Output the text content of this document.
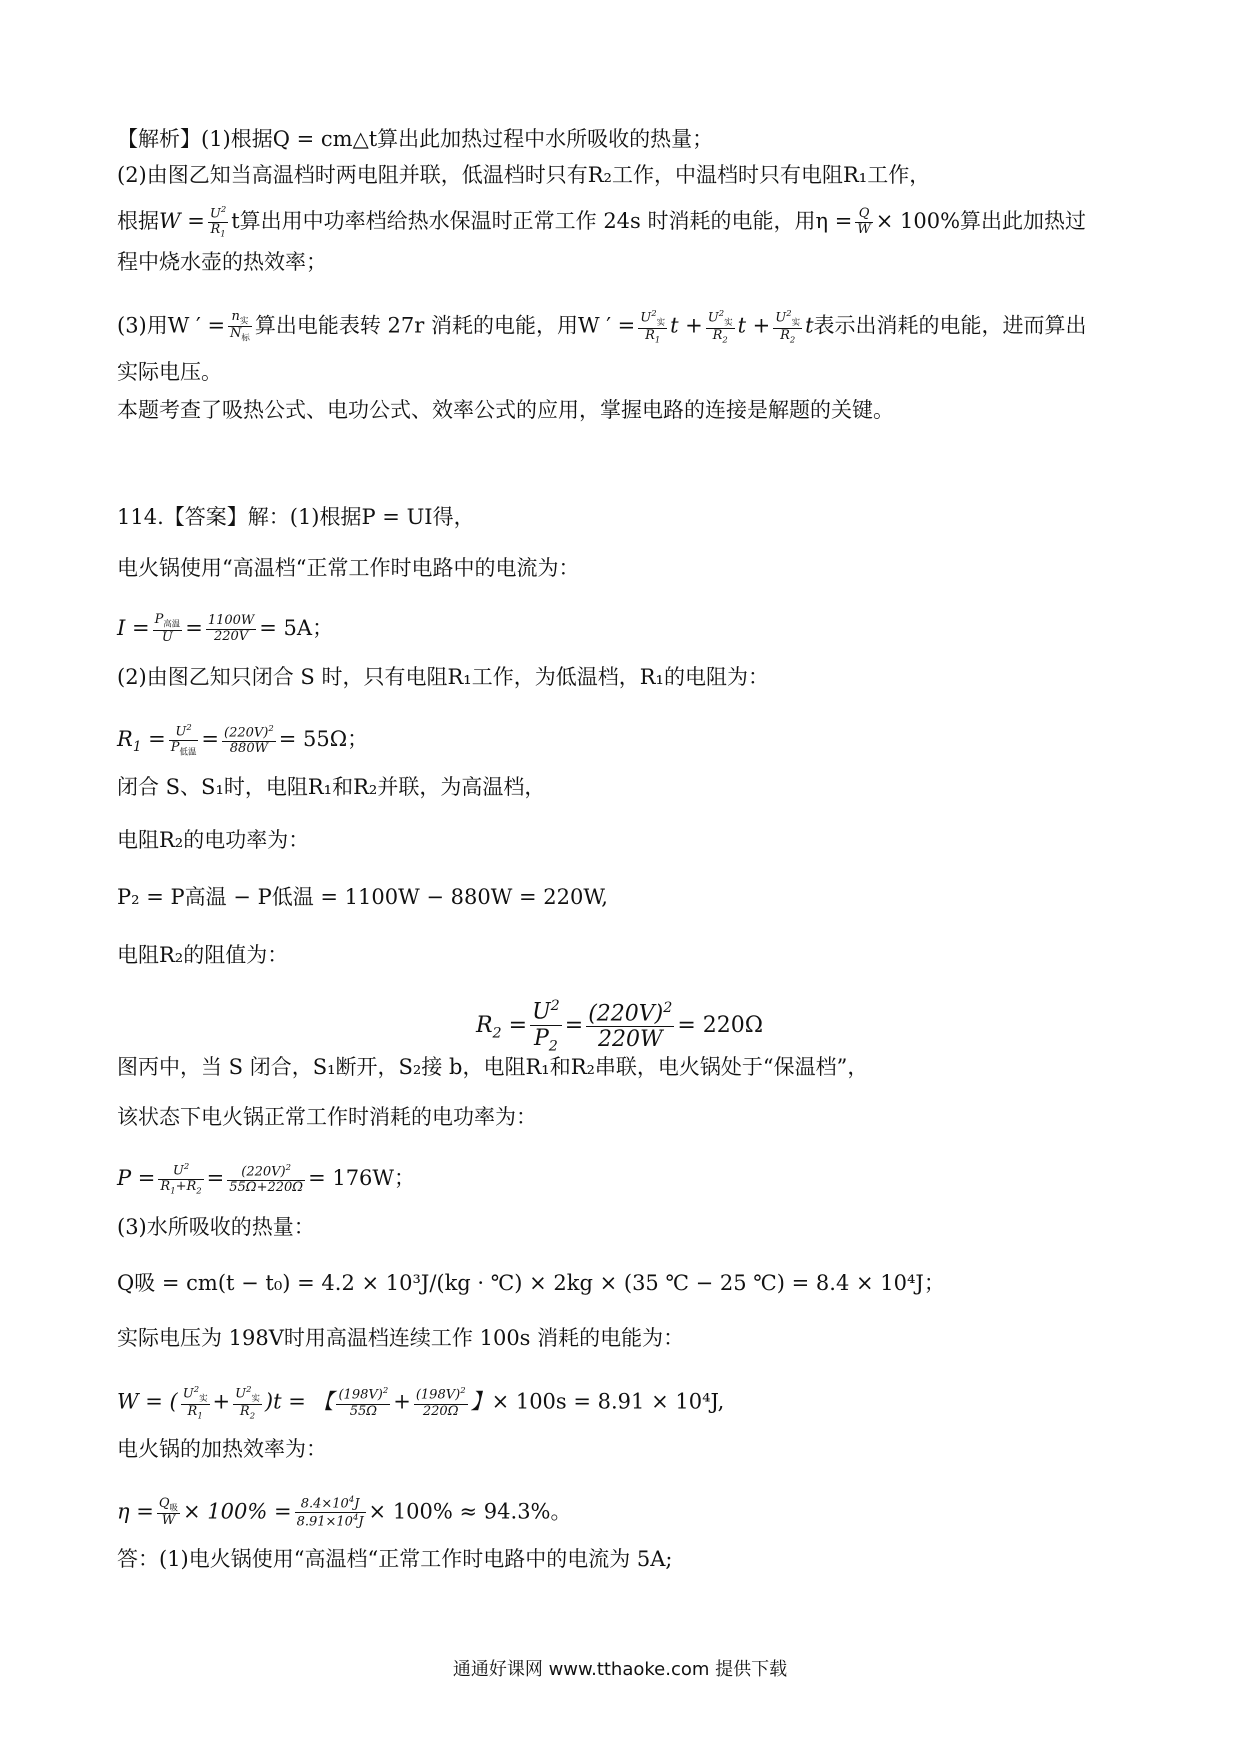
【解析】(1)根据Q = cm△t算出此加热过程中水所吸收的热量；
(2)由图乙知当高温档时两电阻并联，低温档时只有R₂工作，中温档时只有电阻R₁工作，
根据$W = \frac{U^2}{R_1}$ t算出用中功率档给热水保温时正常工作 24s 时消耗的电能，用$\eta = \frac{Q}{W} \times 100\%$算出此加热过
程中烧水壶的热效率；
(3)用W ′ = $\frac{n_实}{N_标}$ 算出电能表转 27r 消耗的电能，用W ′ = $\frac{U^2_实}{R_1}$ $t + \frac{U^2_实}{R_2}$ $t + \frac{U^2_实}{R_2}$ t表示出消耗的电能，进而算出
实际电压。
本题考查了吸热公式、电功公式、效率公式的应用，掌握电路的连接是解题的关键。
114.【答案】解：(1)根据P = UI得，
电火锅使用“高温档“正常工作时电路中的电流为：
$I = \frac{P_{高温}}{U} = \frac{1100W}{220V} = 5A$；
(2)由图乙知只闭合 S 时，只有电阻R₁工作，为低温档，R₁的电阻为：
$R_1 = \frac{U^2}{P_{低温}} = \frac{(220V)^2}{880W} = 55\Omega$；
闭合 S、S₁时，电阻R₁和R₂并联，为高温档，
电阻R₂的电功率为：
P₂ = P高温 − P低温 = 1100W − 880W = 220W,
电阻R₂的阻值为：
$R_2 = \frac{U^2}{P_2} = \frac{(220V)^2}{220W} = 220\Omega$
图丙中，当 S 闭合，S₁断开，S₂接 b，电阻R₁和R₂串联，电火锅处于“保温档”，
该状态下电火锅正常工作时消耗的电功率为：
$P = \frac{U^2}{R_1+R_2} = \frac{(220V)^2}{55\Omega+220\Omega} = 176W$；
(3)水所吸收的热量：
Q吸 = cm(t − t₀) = 4.2 × 10³J/(kg · ℃) × 2kg × (35 ℃ − 25 ℃) = 8.4 × 10⁴J；
实际电压为 198V时用高温档连续工作 100s 消耗的电能为：
W = ( $\frac{U^2_实}{R_1} + \frac{U^2_实}{R_2} )t$ = 【 $\frac{(198V)^2}{55\Omega} + \frac{(198V)^2}{220\Omega}$ 】× 100s = 8.91 × 10⁴J,
电火锅的加热效率为：
$\eta = \frac{Q_吸}{W} \times 100\% = \frac{8.4\times 10^4J}{8.91\times 10^4J} \times 100\% \approx 94.3\%$。
答：(1)电火锅使用“高温档“正常工作时电路中的电流为 5A;
通通好课网 www.tthaoke.com 提供下载
